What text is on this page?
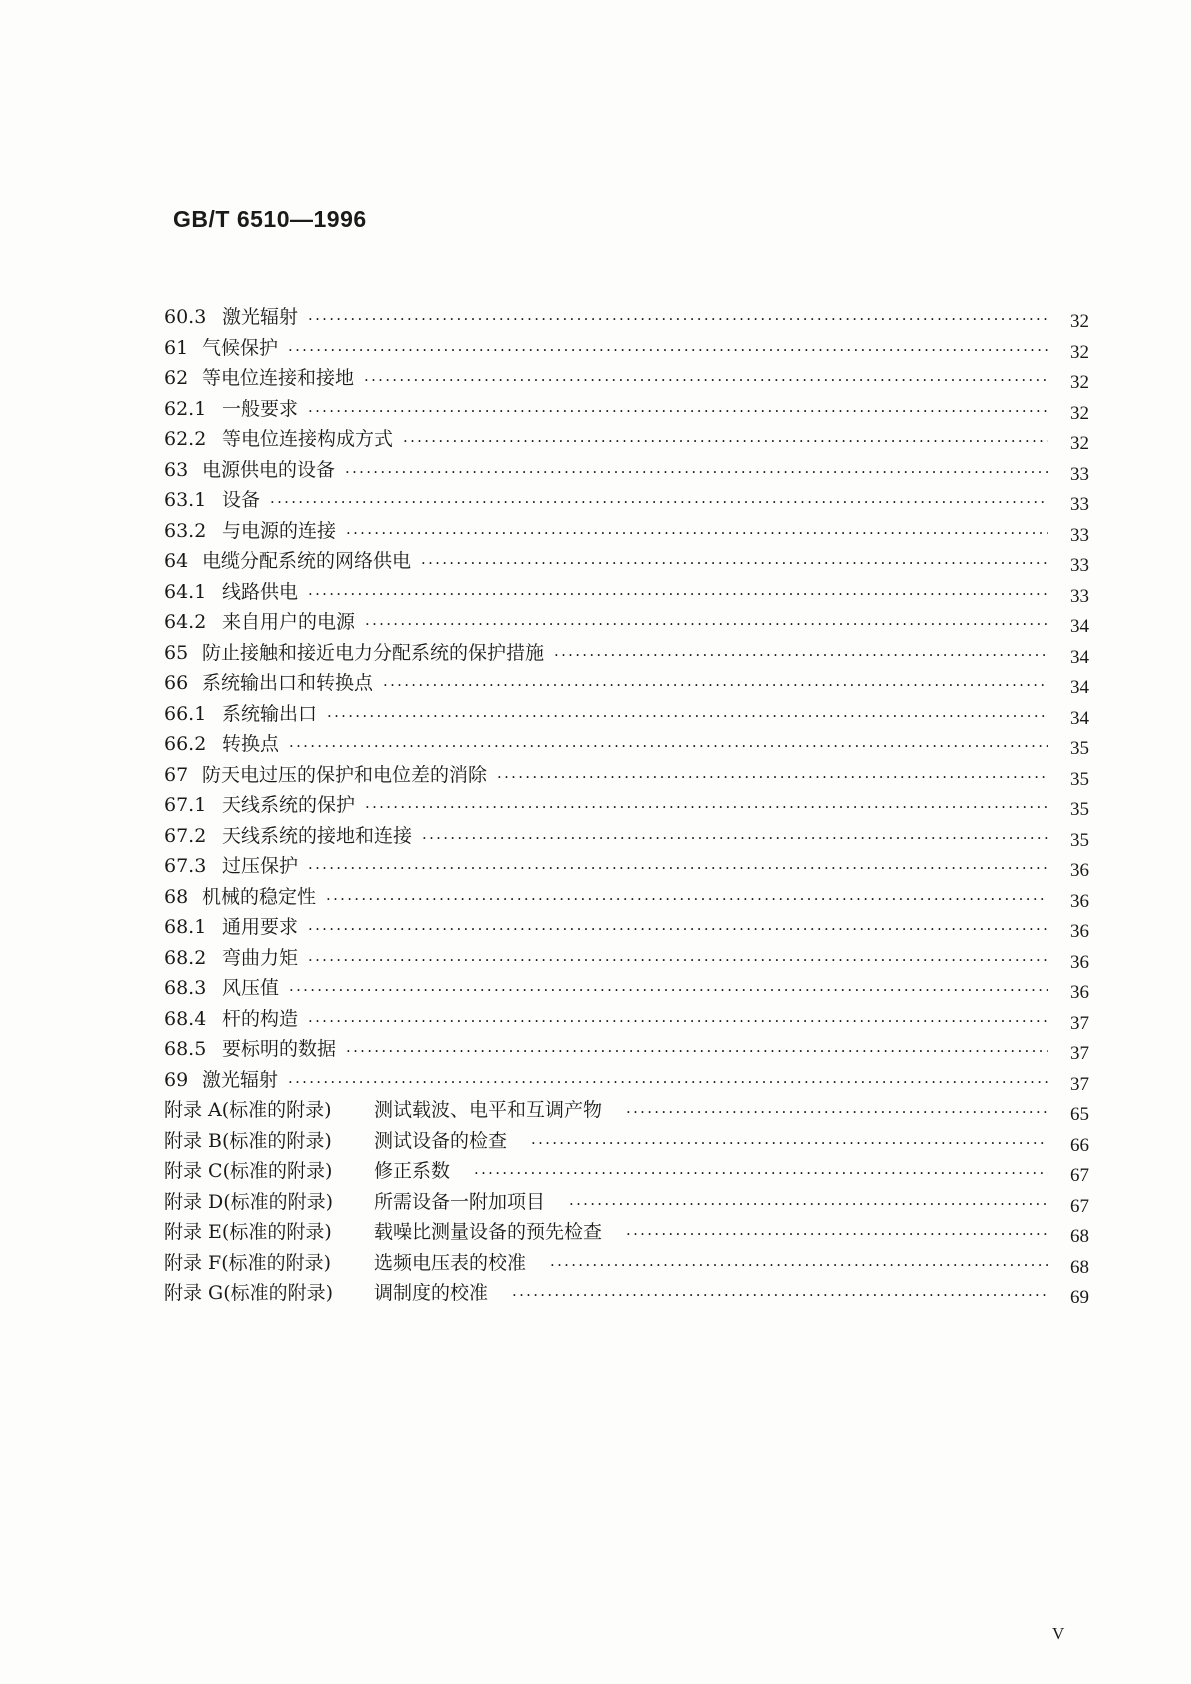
GB/T 6510—1996
60.3 激光辐射 ·····	32
61 气候保护 ·····	32
62 等电位连接和接地 ·····	32
62.1 一般要求 ·····	32
62.2 等电位连接构成方式 ·····	32
63 电源供电的设备 ·····	33
63.1 设备 ·····	33
63.2 与电源的连接 ·····	33
64 电缆分配系统的网络供电 ·····	33
64.1 线路供电 ·····	33
64.2 来自用户的电源 ·····	34
65 防止接触和接近电力分配系统的保护措施 ·····	34
66 系统输出口和转换点 ·····	34
66.1 系统输出口 ·····	34
66.2 转换点 ·····	35
67 防天电过压的保护和电位差的消除 ·····	35
67.1 天线系统的保护 ·····	35
67.2 天线系统的接地和连接 ·····	35
67.3 过压保护 ·····	36
68 机械的稳定性 ·····	36
68.1 通用要求 ·····	36
68.2 弯曲力矩 ·····	36
68.3 风压值 ·····	36
68.4 杆的构造 ·····	37
68.5 要标明的数据 ·····	37
69 激光辐射 ·····	37
附录 A(标准的附录)	测试载波、电平和互调产物 ·····	65
附录 B(标准的附录)	测试设备的检查 ·····	66
附录 C(标准的附录)	修正系数 ·····	67
附录 D(标准的附录)	所需设备一附加项目 ·····	67
附录 E(标准的附录)	载噪比测量设备的预先检查 ·····	68
附录 F(标准的附录)	选频电压表的校准 ·····	68
附录 G(标准的附录)	调制度的校准 ·····	69
V
